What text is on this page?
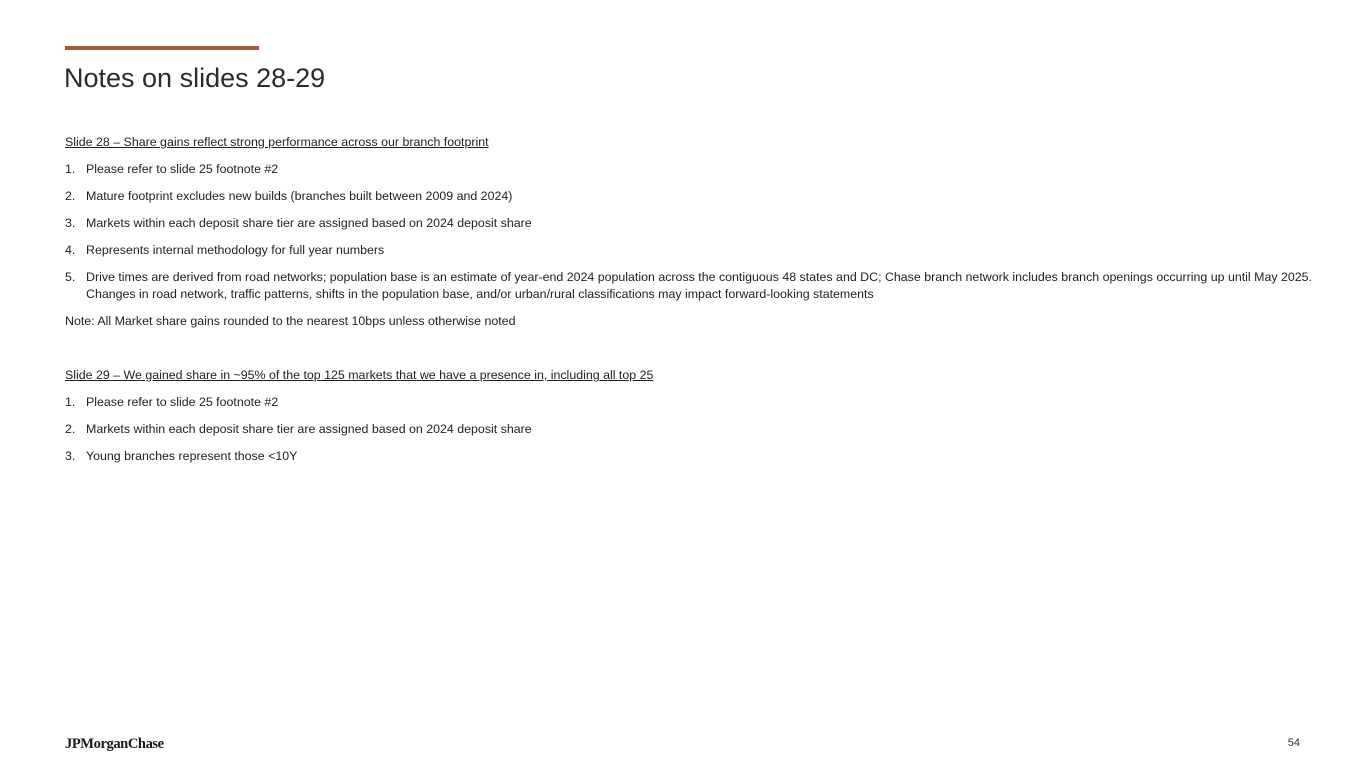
Notes on slides 28-29
Slide 28 – Share gains reflect strong performance across our branch footprint
1. Please refer to slide 25 footnote #2
2. Mature footprint excludes new builds (branches built between 2009 and 2024)
3. Markets within each deposit share tier are assigned based on 2024 deposit share
4. Represents internal methodology for full year numbers
5. Drive times are derived from road networks; population base is an estimate of year-end 2024 population across the contiguous 48 states and DC; Chase branch network includes branch openings occurring up until May 2025. Changes in road network, traffic patterns, shifts in the population base, and/or urban/rural classifications may impact forward-looking statements
Note: All Market share gains rounded to the nearest 10bps unless otherwise noted
Slide 29 – We gained share in ~95% of the top 125 markets that we have a presence in, including all top 25
1. Please refer to slide 25 footnote #2
2. Markets within each deposit share tier are assigned based on 2024 deposit share
3. Young branches represent those <10Y
JPMorganChase	54
